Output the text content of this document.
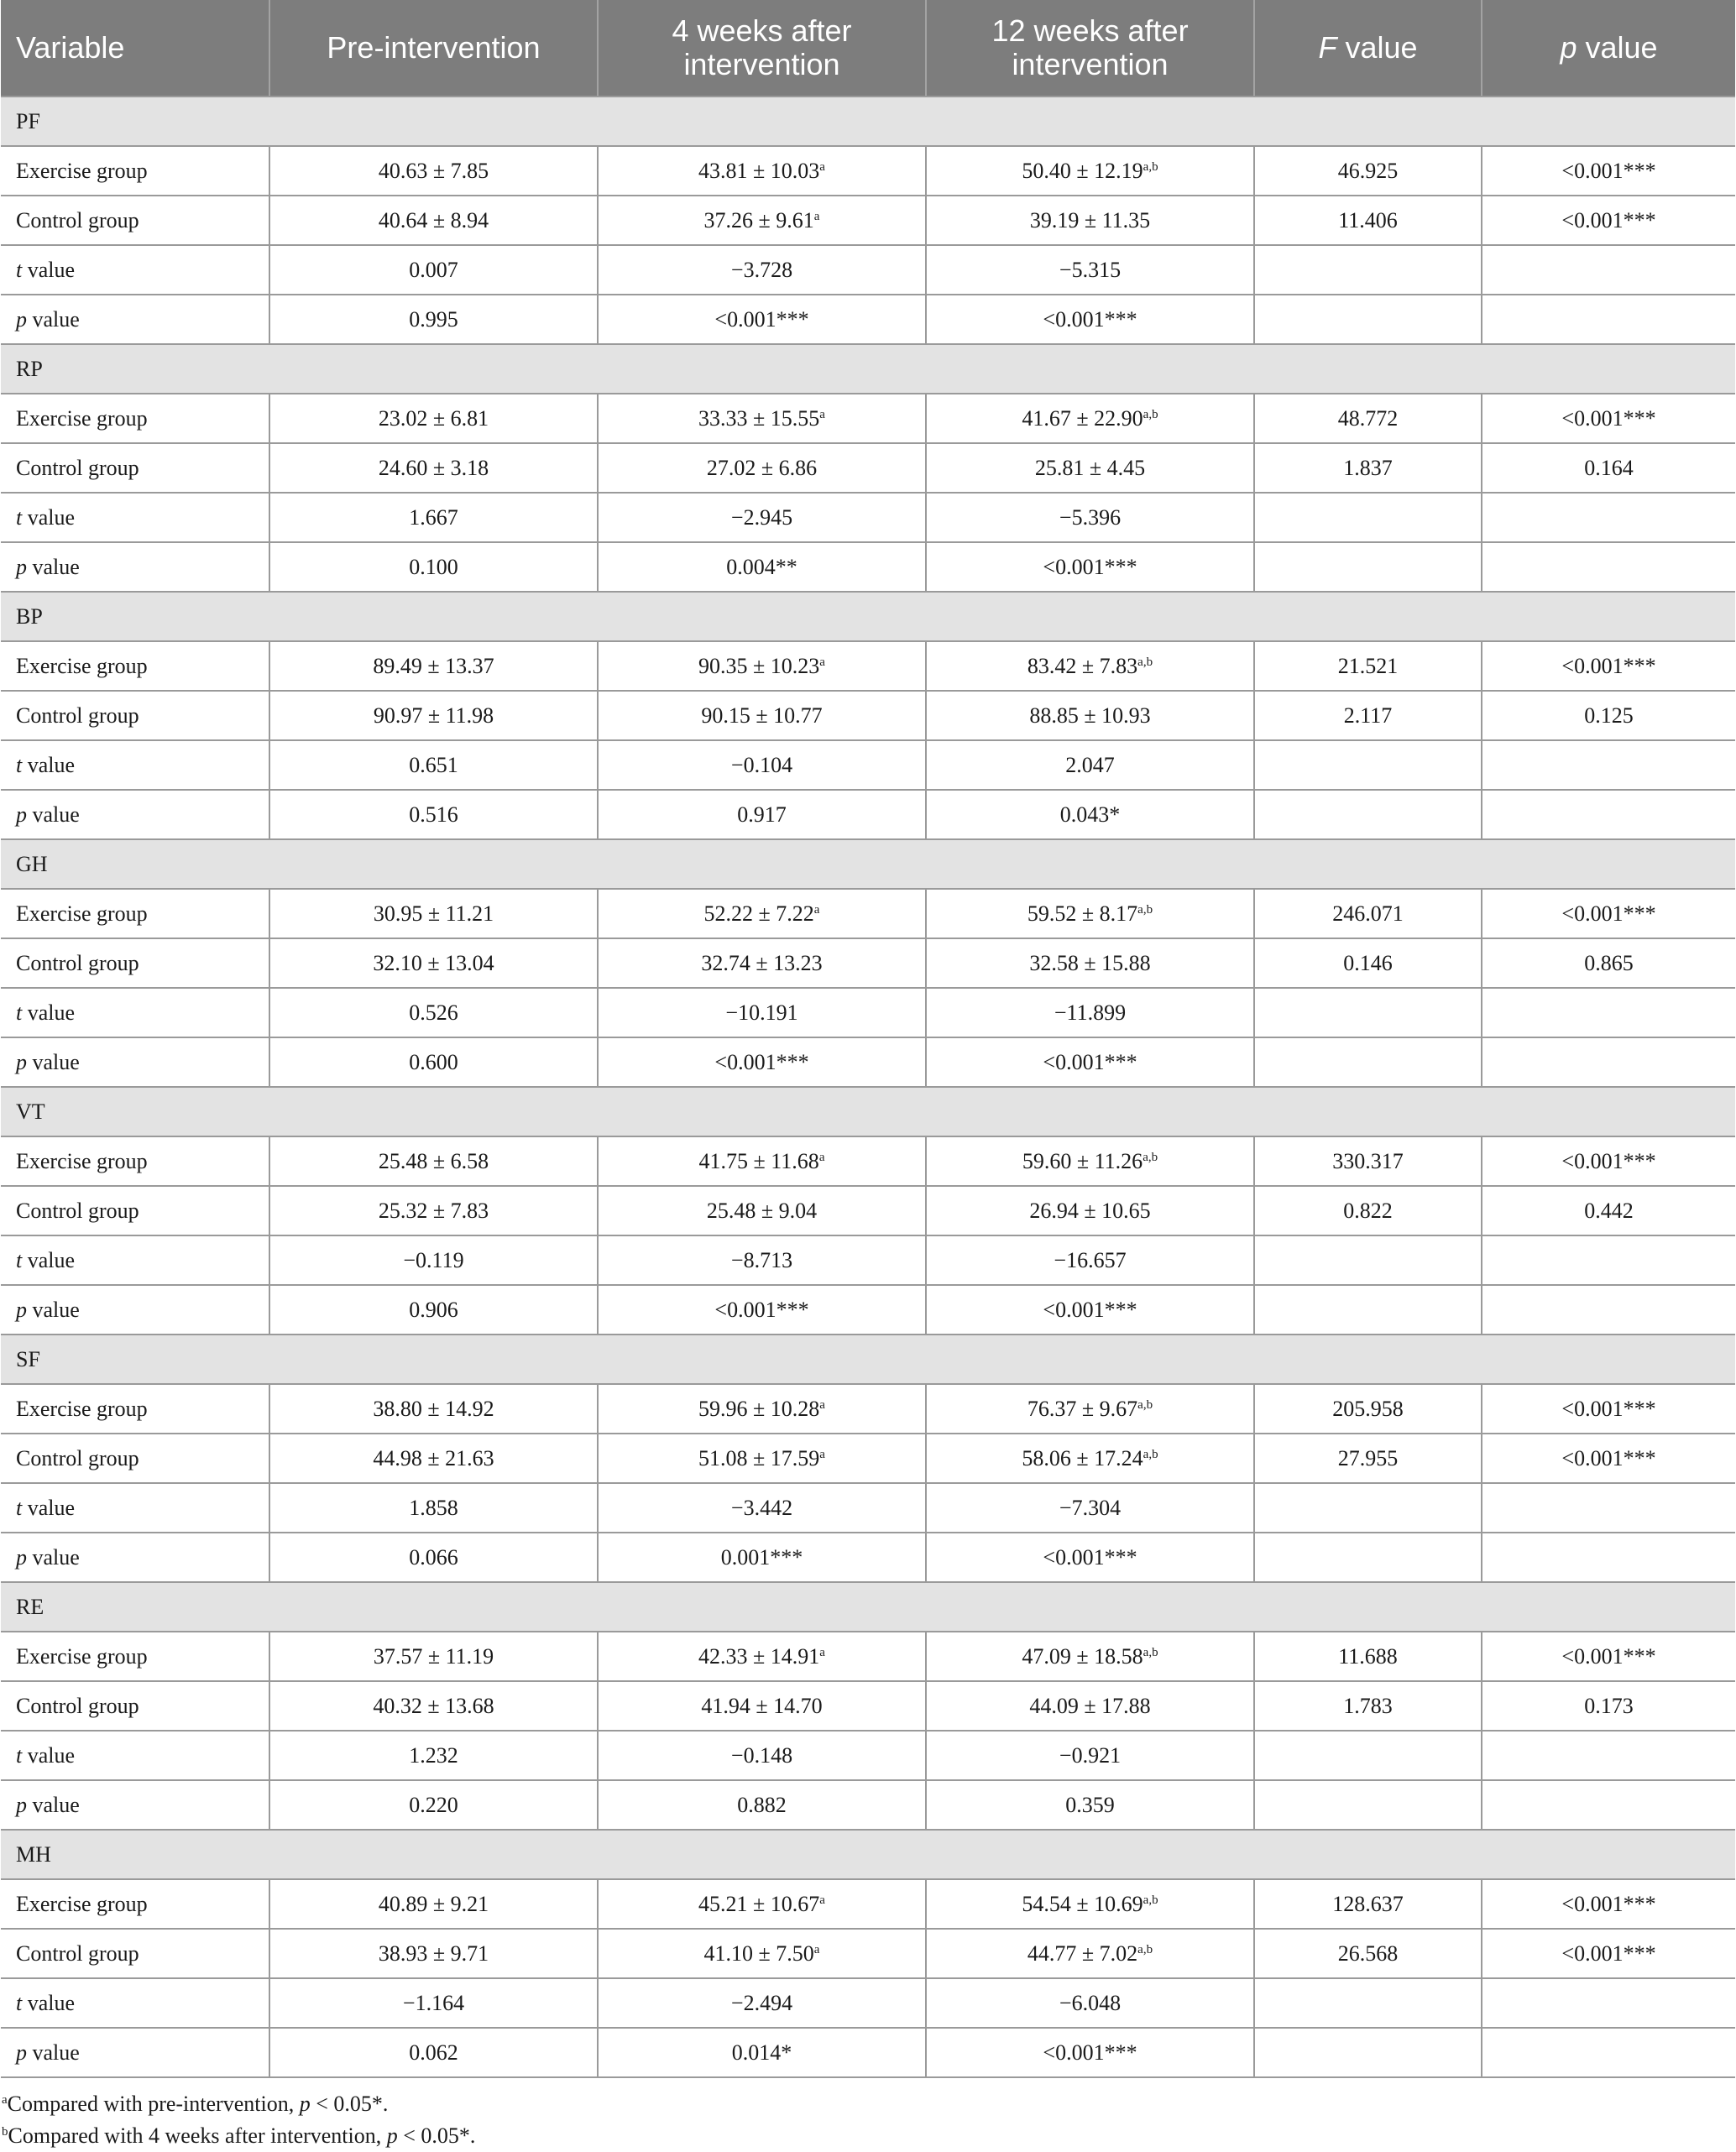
Variable	Pre-intervention	4 weeks after intervention	12 weeks after intervention	F value	p value
PF					
Exercise group	40.63 ± 7.85	43.81 ± 10.03$^a$	$50.40 \pm 12.19^{a,b}$	46.925	<0.001***
Control group	40.64 ± 8.94	37.26 ± 9.61$^a$	39.19 ± 11.35	11.406	<0.001***
t value	0.007	−3.728	−5.315		
p value	0.995	<0.001***	<0.001***		
RP					
Exercise group	23.02 ± 6.81	33.33 ± 15.55$^a$	$41.67 \pm 22.90^{a,b}$	48.772	<0.001***
Control group	24.60 ± 3.18	27.02 ± 6.86	25.81 ± 4.45	1.837	0.164
t value	1.667	−2.945	−5.396		
p value	0.100	0.004**	<0.001***		
BP					
Exercise group	89.49 ± 13.37	90.35 ± 10.23$^a$	$83.42 \pm 7.83^{a,b}$	21.521	<0.001***
Control group	90.97 ± 11.98	90.15 ± 10.77	88.85 ± 10.93	2.117	0.125
t value	0.651	−0.104	2.047		
p value	0.516	0.917	0.043*		
GH					
Exercise group	30.95 ± 11.21	52.22 ± 7.22$^a$	$59.52 \pm 8.17^{a,b}$	246.071	<0.001***
Control group	32.10 ± 13.04	32.74 ± 13.23	32.58 ± 15.88	0.146	0.865
t value	0.526	−10.191	−11.899		
p value	0.600	<0.001***	<0.001***		
VT					
Exercise group	25.48 ± 6.58	41.75 ± 11.68$^a$	$59.60 \pm 11.26^{a,b}$	330.317	<0.001***
Control group	25.32 ± 7.83	25.48 ± 9.04	26.94 ± 10.65	0.822	0.442
t value	−0.119	−8.713	−16.657		
p value	0.906	<0.001***	<0.001***		
SF					
Exercise group	38.80 ± 14.92	59.96 ± 10.28$^a$	$76.37 \pm 9.67^{a,b}$	205.958	<0.001***
Control group	44.98 ± 21.63	51.08 ± 17.59$^a$	$58.06 \pm 17.24^{a,b}$	27.955	<0.001***
t value	1.858	−3.442	−7.304		
p value	0.066	0.001***	<0.001***		
RE					
Exercise group	37.57 ± 11.19	42.33 ± 14.91$^a$	$47.09 \pm 18.58^{a,b}$	11.688	<0.001***
Control group	40.32 ± 13.68	41.94 ± 14.70	44.09 ± 17.88	1.783	0.173
t value	1.232	−0.148	−0.921		
p value	0.220	0.882	0.359		
MH					
Exercise group	40.89 ± 9.21	45.21 ± 10.67$^a$	$54.54 \pm 10.69^{a,b}$	128.637	<0.001***
Control group	38.93 ± 9.71	41.10 ± 7.50$^a$	$44.77 \pm 7.02^{a,b}$	26.568	<0.001***
t value	−1.164	−2.494	−6.048		
p value	0.062	0.014*	<0.001***		
$^a$Compared with pre-intervention, p < 0.05*.
$^b$Compared with 4 weeks after intervention, p < 0.05*.
